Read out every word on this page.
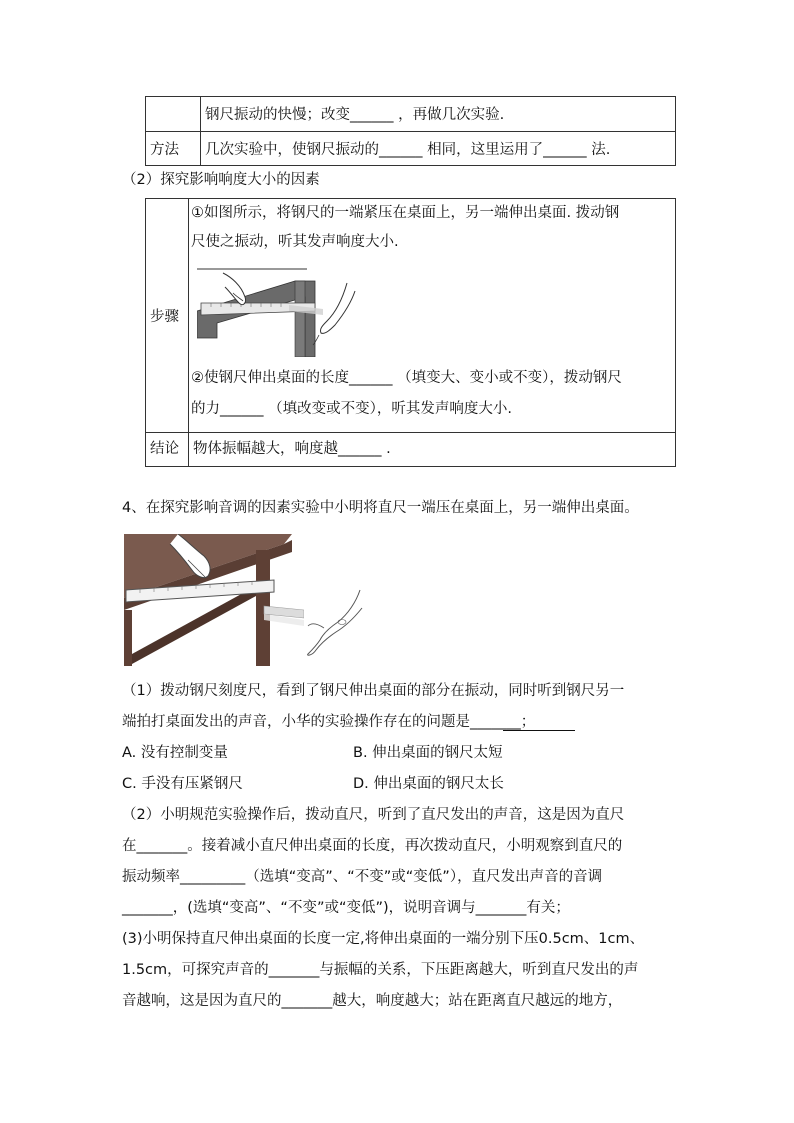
	钢尺振动的快慢；改变______ ，再做几次实验.
方法	几次实验中，使钢尺振动的______ 相同，这里运用了______ 法.
（2）探究影响响度大小的因素
步骤	①如图所示，将钢尺的一端紧压在桌面上，另一端伸出桌面. 拨动钢
尺使之振动，听其发声响度大小.
②使钢尺伸出桌面的长度______ （填变大、变小或不变），拨动钢尺
的力______ （填改变或不变），听其发声响度大小.

结论	物体振幅越大，响度越______ .
4、在探究影响音调的因素实验中小明将直尺一端压在桌面上，另一端伸出桌面。
（1）拨动钢尺刻度尺，看到了钢尺伸出桌面的部分在振动，同时听到钢尺另一
端拍打桌面发出的声音，小华的实验操作存在的问题是_______；
A. 没有控制变量	B. 伸出桌面的钢尺太短
C. 手没有压紧钢尺	D. 伸出桌面的钢尺太长
（2）小明规范实验操作后，拨动直尺，听到了直尺发出的声音，这是因为直尺
在_______。接着减小直尺伸出桌面的长度，再次拨动直尺，小明观察到直尺的
振动频率_________（选填“变高”、“不变”或“变低”），直尺发出声音的音调
_______，(选填“变高”、“不变”或“变低”)，说明音调与_______有关；
(3)小明保持直尺伸出桌面的长度一定,将伸出桌面的一端分别下压0.5cm、1cm、
1.5cm，可探究声音的_______与振幅的关系，下压距离越大，听到直尺发出的声
音越响，这是因为直尺的_______越大，响度越大；站在距离直尺越远的地方，
